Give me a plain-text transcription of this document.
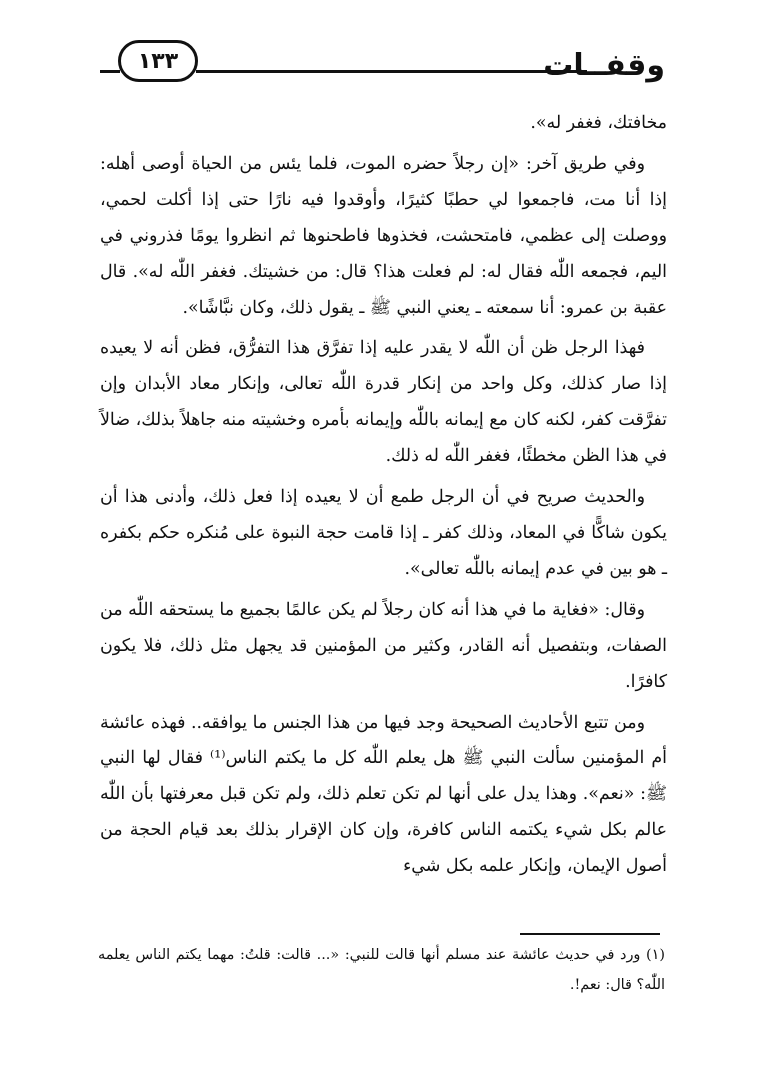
وقفــات
١٣٣

مخافتك، فغفر له».

وفي طريق آخر: «إن رجلاً حضره الموت، فلما يئس من الحياة أوصى أهله: إذا أنا مت، فاجمعوا لي حطبًا كثيرًا، وأوقدوا فيه نارًا حتى إذا أكلت لحمي، ووصلت إلى عظمي، فامتحشت، فخذوها فاطحنوها ثم انظروا يومًا فذروني في اليم، فجمعه اللّٰه فقال له: لم فعلت هذا؟ قال: من خشيتك. فغفر اللّٰه له». قال عقبة بن عمرو: أنا سمعته ـ يعني النبي ﷺ ـ يقول ذلك، وكان نبَّاشًا».

فهذا الرجل ظن أن اللّٰه لا يقدر عليه إذا تفرَّق هذا التفرُّق، فظن أنه لا يعيده إذا صار كذلك، وكل واحد من إنكار قدرة اللّٰه تعالى، وإنكار معاد الأبدان وإن تفرَّقت كفر، لكنه كان مع إيمانه باللّٰه وإيمانه بأمره وخشيته منه جاهلاً بذلك، ضالاً في هذا الظن مخطئًا، فغفر اللّٰه له ذلك.

والحديث صريح في أن الرجل طمع أن لا يعيده إذا فعل ذلك، وأدنى هذا أن يكون شاكًّا في المعاد، وذلك كفر ـ إذا قامت حجة النبوة على مُنكره حكم بكفره ـ هو بين في عدم إيمانه باللّٰه تعالى».

وقال: «فغاية ما في هذا أنه كان رجلاً لم يكن عالمًا بجميع ما يستحقه اللّٰه من الصفات، وبتفصيل أنه القادر، وكثير من المؤمنين قد يجهل مثل ذلك، فلا يكون كافرًا.

ومن تتبع الأحاديث الصحيحة وجد فيها من هذا الجنس ما يوافقه.. فهذه عائشة أم المؤمنين سألت النبي ﷺ هل يعلم اللّٰه كل ما يكتم الناس⁽¹⁾ فقال لها النبي ﷺ: «نعم». وهذا يدل على أنها لم تكن تعلم ذلك، ولم تكن قبل معرفتها بأن اللّٰه عالم بكل شيء يكتمه الناس كافرة، وإن كان الإقرار بذلك بعد قيام الحجة من أصول الإيمان، وإنكار علمه بكل شيء

(١) ورد في حديث عائشة عند مسلم أنها قالت للنبي: «... قالت: قلتُ: مهما يكتم الناس يعلمه اللّٰه؟ قال: نعم!.
